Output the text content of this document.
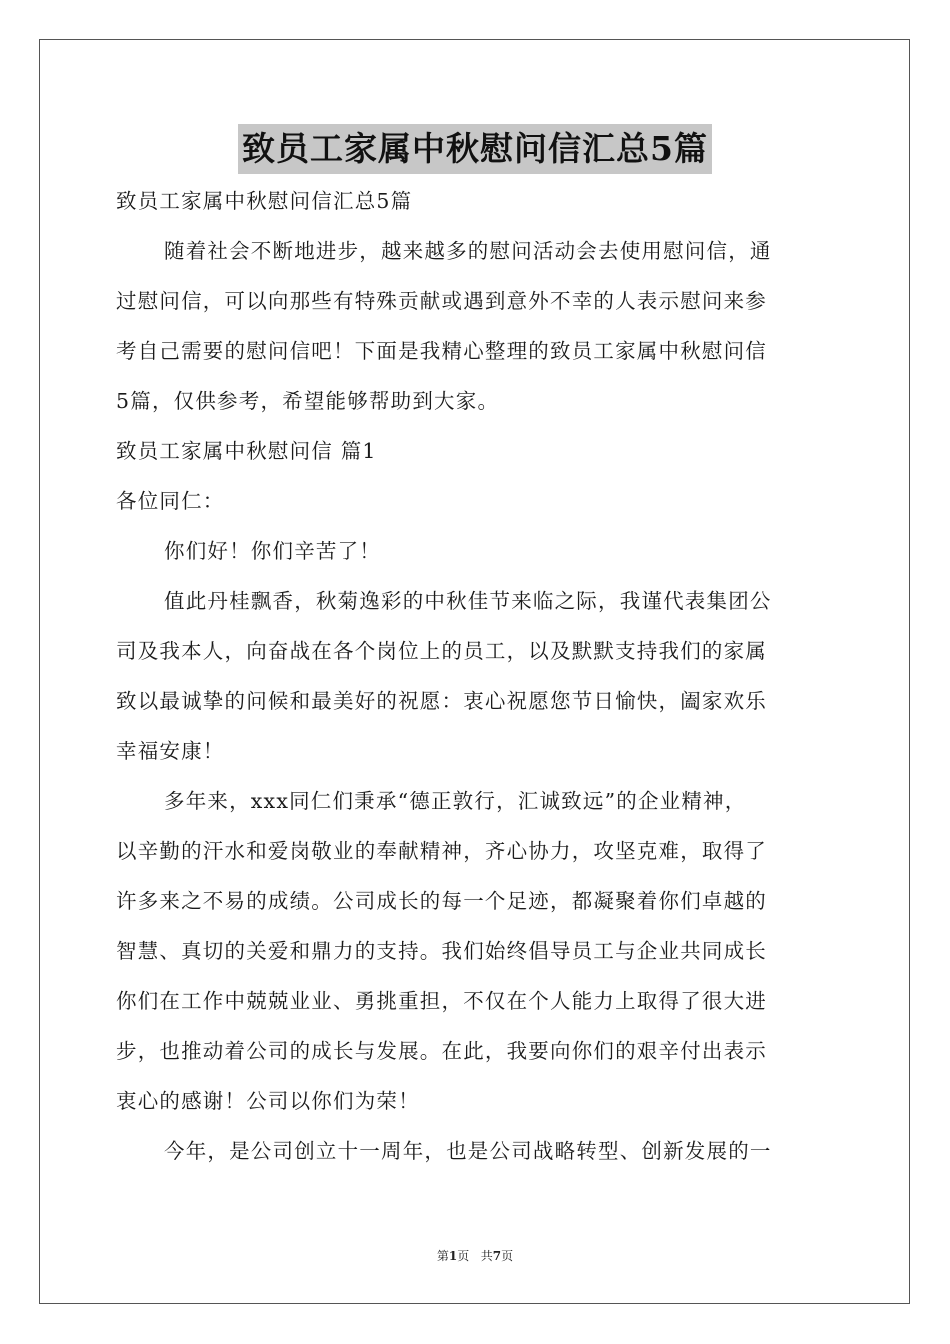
致员工家属中秋慰问信汇总5篇
致员工家属中秋慰问信汇总5篇
随着社会不断地进步，越来越多的慰问活动会去使用慰问信，通
过慰问信，可以向那些有特殊贡献或遇到意外不幸的人表示慰问来参
考自己需要的慰问信吧！下面是我精心整理的致员工家属中秋慰问信
5篇，仅供参考，希望能够帮助到大家。
致员工家属中秋慰问信 篇1
各位同仁：
你们好！你们辛苦了！
值此丹桂飘香，秋菊逸彩的中秋佳节来临之际，我谨代表集团公
司及我本人，向奋战在各个岗位上的员工，以及默默支持我们的家属
致以最诚挚的问候和最美好的祝愿：衷心祝愿您节日愉快，阖家欢乐
幸福安康！
多年来，xxx同仁们秉承“德正敦行，汇诚致远”的企业精神，
以辛勤的汗水和爱岗敬业的奉献精神，齐心协力，攻坚克难，取得了
许多来之不易的成绩。公司成长的每一个足迹，都凝聚着你们卓越的
智慧、真切的关爱和鼎力的支持。我们始终倡导员工与企业共同成长
你们在工作中兢兢业业、勇挑重担，不仅在个人能力上取得了很大进
步，也推动着公司的成长与发展。在此，我要向你们的艰辛付出表示
衷心的感谢！公司以你们为荣！
今年，是公司创立十一周年，也是公司战略转型、创新发展的一
第1页 共7页
